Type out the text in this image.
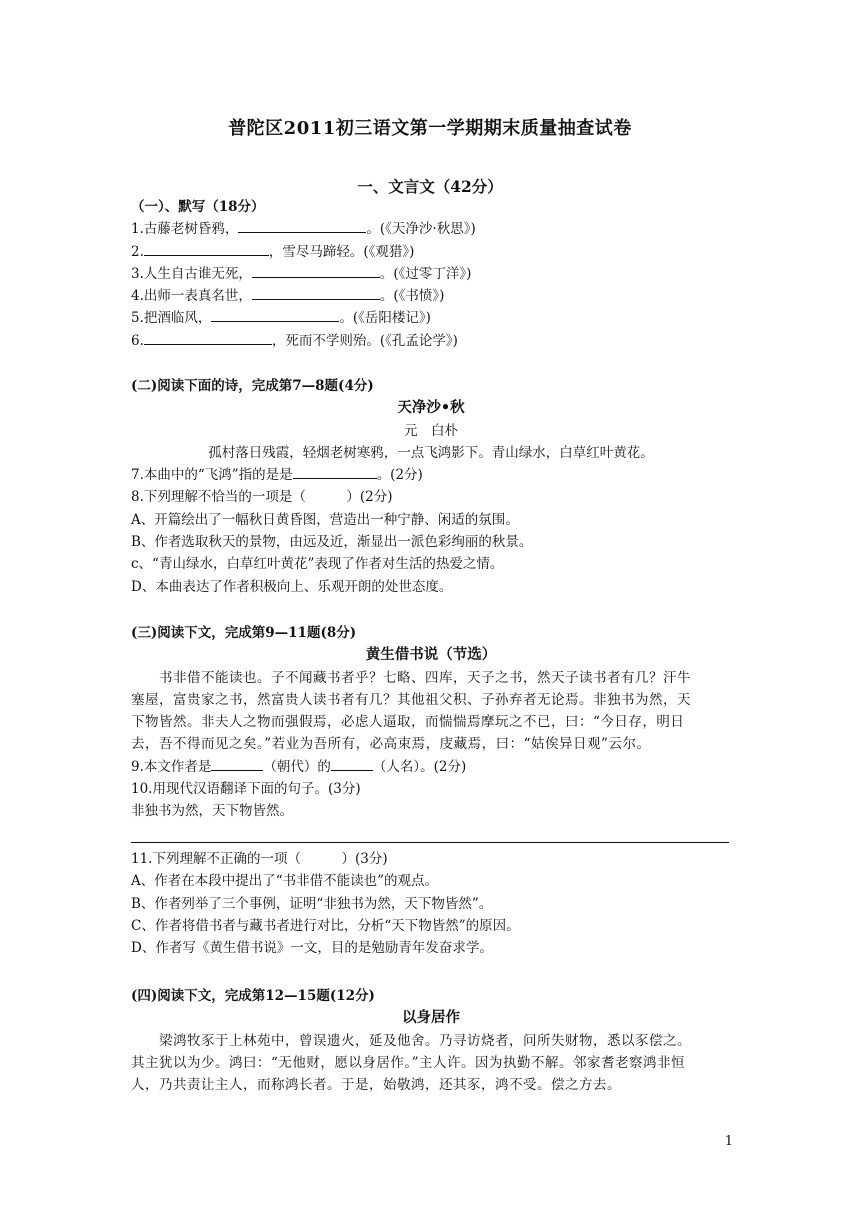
普陀区2011初三语文第一学期期末质量抽查试卷
一、文言文（42分）
（一）、默写（18分）
1.古藤老树昏鸦，	。(《天净沙·秋思》)
2.	，雪尽马蹄轻。(《观猎》)
3.人生自古谁无死，	。(《过零丁洋》)
4.出师一表真名世，	。(《书愤》)
5.把酒临风，	。(《岳阳楼记》)
6.	，死而不学则殆。(《孔孟论学》)
(二)阅读下面的诗，完成第7—8题(4分)
天净沙•秋
元　白朴
孤村落日残霞，轻烟老树寒鸦，一点飞鸿影下。青山绿水，白草红叶黄花。
7.本曲中的“飞鸿”指的是是	。(2分)
8.下列理解不恰当的一项是（　　　）(2分)
A、开篇绘出了一幅秋日黄昏图，营造出一种宁静、闲适的氛围。
B、作者选取秋天的景物，由远及近，渐显出一派色彩绚丽的秋景。
c、“青山绿水，白草红叶黄花”表现了作者对生活的热爱之情。
D、本曲表达了作者积极向上、乐观开朗的处世态度。
(三)阅读下文，完成第9—11题(8分)
黄生借书说（节选）
书非借不能读也。子不闻藏书者乎？七略、四库，天子之书，然天子读书者有几？汗牛
塞屋，富贵家之书，然富贵人读书者有几？其他祖父积、子孙弃者无论焉。非独书为然，天
下物皆然。非夫人之物而强假焉，必虑人逼取，而惴惴焉摩玩之不已，曰：“今日存，明日
去，吾不得而见之矣。”若业为吾所有，必高束焉，庋藏焉，曰：“姑俟异日观”云尔。
9.本文作者是	（朝代）的	（人名）。(2分)
10.用现代汉语翻译下面的句子。(3分)
非独书为然，天下物皆然。
11.下列理解不正确的一项（　　　）(3分)
A、作者在本段中提出了“书非借不能读也”的观点。
B、作者列举了三个事例，证明“非独书为然，天下物皆然”。
C、作者将借书者与藏书者进行对比，分析“天下物皆然”的原因。
D、作者写《黄生借书说》一文，目的是勉励青年发奋求学。
(四)阅读下文，完成第12—15题(12分)
以身居作
梁鸿牧豕于上林苑中，曾误遗火，延及他舍。乃寻访烧者，问所失财物，悉以豕偿之。
其主犹以为少。鸿曰：“无他财，愿以身居作。”主人许。因为执勤不解。邻家耆老察鸿非恒
人，乃共责让主人，而称鸿长者。于是，始敬鸿，还其豕，鸿不受。偿之方去。
1
